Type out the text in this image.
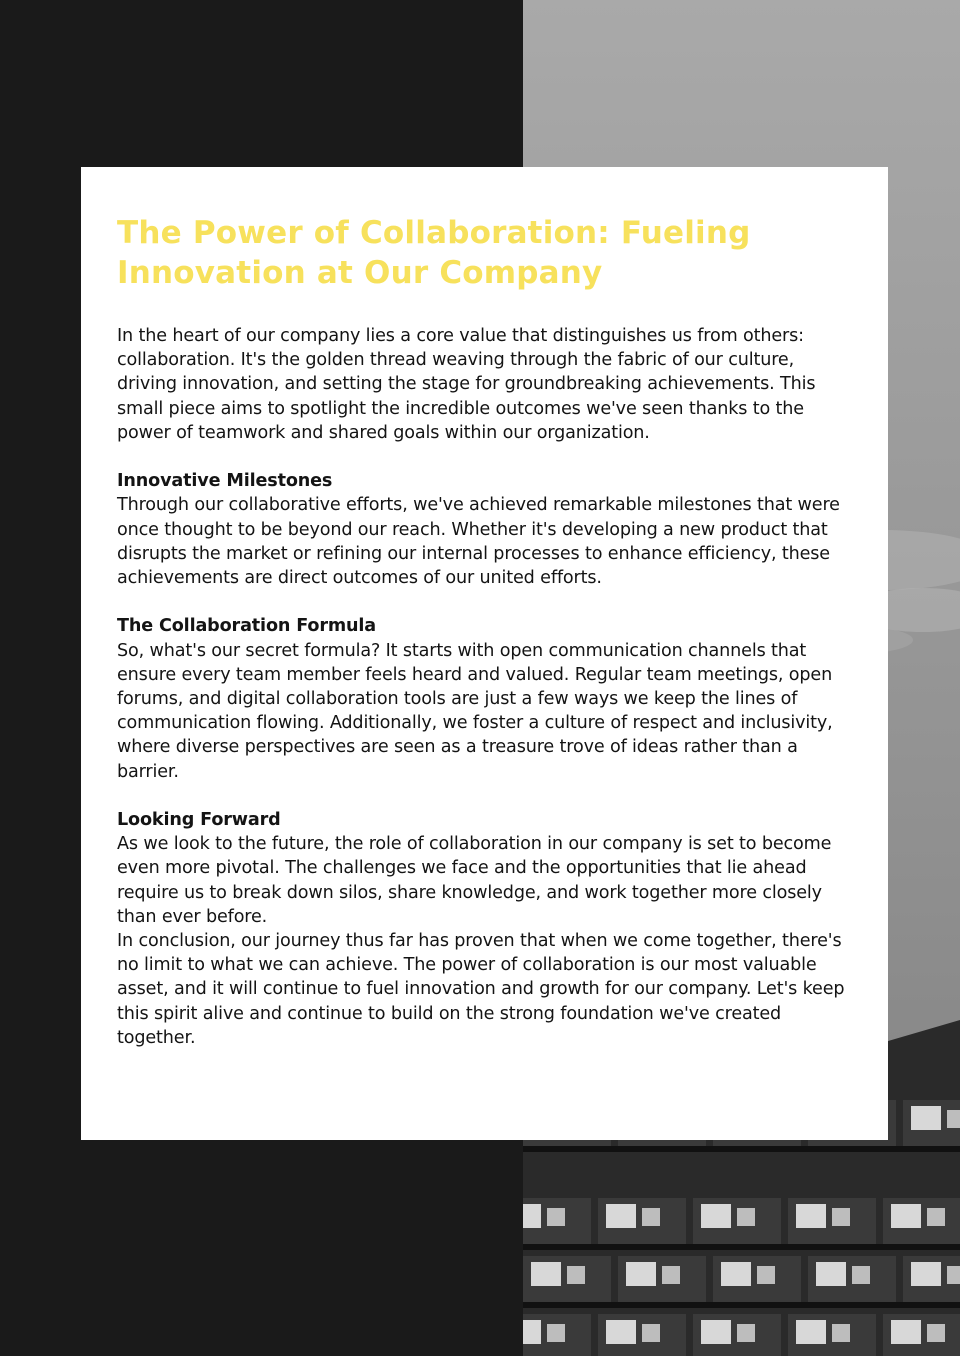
The Power of Collaboration: Fueling Innovation at Our Company

In the heart of our company lies a core value that distinguishes us from others: collaboration. It's the golden thread weaving through the fabric of our culture, driving innovation, and setting the stage for groundbreaking achievements. This small piece aims to spotlight the incredible outcomes we've seen thanks to the power of teamwork and shared goals within our organization.

Innovative Milestones

Through our collaborative efforts, we've achieved remarkable milestones that were once thought to be beyond our reach. Whether it's developing a new product that disrupts the market or refining our internal processes to enhance efficiency, these achievements are direct outcomes of our united efforts.

The Collaboration Formula

So, what's our secret formula? It starts with open communication channels that ensure every team member feels heard and valued. Regular team meetings, open forums, and digital collaboration tools are just a few ways we keep the lines of communication flowing. Additionally, we foster a culture of respect and inclusivity, where diverse perspectives are seen as a treasure trove of ideas rather than a barrier.

Looking Forward

As we look to the future, the role of collaboration in our company is set to become even more pivotal. The challenges we face and the opportunities that lie ahead require us to break down silos, share knowledge, and work together more closely than ever before.

In conclusion, our journey thus far has proven that when we come together, there's no limit to what we can achieve. The power of collaboration is our most valuable asset, and it will continue to fuel innovation and growth for our company. Let's keep this spirit alive and continue to build on the strong foundation we've created together.
